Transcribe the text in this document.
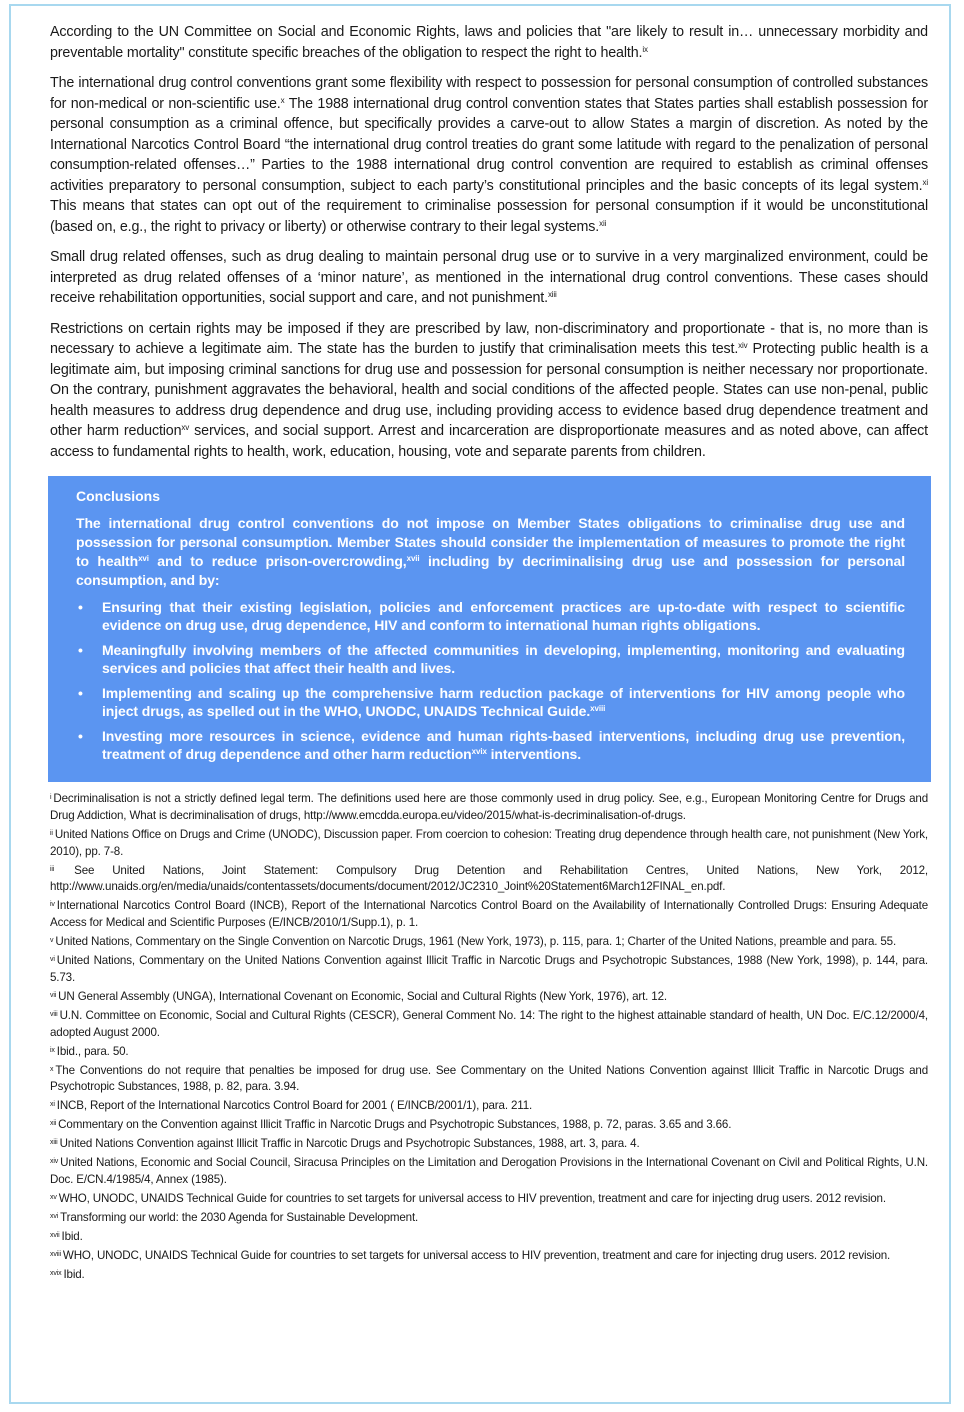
According to the UN Committee on Social and Economic Rights, laws and policies that "are likely to result in… unnecessary morbidity and preventable mortality" constitute specific breaches of the obligation to respect the right to health.$^{ix}$

The international drug control conventions grant some flexibility with respect to possession for personal consumption of controlled substances for non-medical or non-scientific use.$^x$ The 1988 international drug control convention states that States parties shall establish possession for personal consumption as a criminal offence, but specifically provides a carve-out to allow States a margin of discretion. As noted by the International Narcotics Control Board “the international drug control treaties do grant some latitude with regard to the penalization of personal consumption-related offenses…” Parties to the 1988 international drug control convention are required to establish as criminal offenses activities preparatory to personal consumption, subject to each party’s constitutional principles and the basic concepts of its legal system.$^{xi}$ This means that states can opt out of the requirement to criminalise possession for personal consumption if it would be unconstitutional (based on, e.g., the right to privacy or liberty) or otherwise contrary to their legal systems.$^{xii}$

Small drug related offenses, such as drug dealing to maintain personal drug use or to survive in a very marginalized environment, could be interpreted as drug related offenses of a ‘minor nature’, as mentioned in the international drug control conventions. These cases should receive rehabilitation opportunities, social support and care, and not punishment.$^{xiii}$

Restrictions on certain rights may be imposed if they are prescribed by law, non-discriminatory and proportionate - that is, no more than is necessary to achieve a legitimate aim. The state has the burden to justify that criminalisation meets this test.$^{xiv}$ Protecting public health is a legitimate aim, but imposing criminal sanctions for drug use and possession for personal consumption is neither necessary nor proportionate. On the contrary, punishment aggravates the behavioral, health and social conditions of the affected people. States can use non-penal, public health measures to address drug dependence and drug use, including providing access to evidence based drug dependence treatment and other harm reduction$^{xv}$ services, and social support. Arrest and incarceration are disproportionate measures and as noted above, can affect access to fundamental rights to health, work, education, housing, vote and separate parents from children.

Conclusions
The international drug control conventions do not impose on Member States obligations to criminalise drug use and possession for personal consumption. Member States should consider the implementation of measures to promote the right to health$^{xvi}$ and to reduce prison-overcrowding,$^{xvii}$ including by decriminalising drug use and possession for personal consumption, and by:
• Ensuring that their existing legislation, policies and enforcement practices are up-to-date with respect to scientific evidence on drug use, drug dependence, HIV and conform to international human rights obligations.
• Meaningfully involving members of the affected communities in developing, implementing, monitoring and evaluating services and policies that affect their health and lives.
• Implementing and scaling up the comprehensive harm reduction package of interventions for HIV among people who inject drugs, as spelled out in the WHO, UNODC, UNAIDS Technical Guide.$^{xviii}$
• Investing more resources in science, evidence and human rights-based interventions, including drug use prevention, treatment of drug dependence and other harm reduction$^{xvix}$ interventions.

$^i$ Decriminalisation is not a strictly defined legal term. The definitions used here are those commonly used in drug policy. See, e.g., European Monitoring Centre for Drugs and Drug Addiction, What is decriminalisation of drugs, http://www.emcdda.europa.eu/video/2015/what-is-decriminalisation-of-drugs.

$^{ii}$ United Nations Office on Drugs and Crime (UNODC), Discussion paper. From coercion to cohesion: Treating drug dependence through health care, not punishment (New York, 2010), pp. 7-8.

$^{iii}$ See United Nations, Joint Statement: Compulsory Drug Detention and Rehabilitation Centres, United Nations, New York, 2012, http://www.unaids.org/en/media/unaids/contentassets/documents/document/2012/JC2310_Joint%20Statement6March12FINAL_en.pdf.

$^{iv}$ International Narcotics Control Board (INCB), Report of the International Narcotics Control Board on the Availability of Internationally Controlled Drugs: Ensuring Adequate Access for Medical and Scientific Purposes (E/INCB/2010/1/Supp.1), p. 1.

$^v$ United Nations, Commentary on the Single Convention on Narcotic Drugs, 1961 (New York, 1973), p. 115, para. 1; Charter of the United Nations, preamble and para. 55.

$^{vi}$ United Nations, Commentary on the United Nations Convention against Illicit Traffic in Narcotic Drugs and Psychotropic Substances, 1988 (New York, 1998), p. 144, para. 5.73.

$^{vii}$ UN General Assembly (UNGA), International Covenant on Economic, Social and Cultural Rights (New York, 1976), art. 12.

$^{viii}$ U.N. Committee on Economic, Social and Cultural Rights (CESCR), General Comment No. 14: The right to the highest attainable standard of health, UN Doc. E/C.12/2000/4, adopted August 2000.

$^{ix}$ Ibid., para. 50.

$^x$ The Conventions do not require that penalties be imposed for drug use. See Commentary on the United Nations Convention against Illicit Traffic in Narcotic Drugs and Psychotropic Substances, 1988, p. 82, para. 3.94.

$^{xi}$ INCB, Report of the International Narcotics Control Board for 2001 ( E/INCB/2001/1), para. 211.

$^{xii}$ Commentary on the Convention against Illicit Traffic in Narcotic Drugs and Psychotropic Substances, 1988, p. 72, paras. 3.65 and 3.66.

$^{xiii}$ United Nations Convention against Illicit Traffic in Narcotic Drugs and Psychotropic Substances, 1988, art. 3, para. 4.

$^{xiv}$ United Nations, Economic and Social Council, Siracusa Principles on the Limitation and Derogation Provisions in the International Covenant on Civil and Political Rights, U.N. Doc. E/CN.4/1985/4, Annex (1985).

$^{xv}$ WHO, UNODC, UNAIDS Technical Guide for countries to set targets for universal access to HIV prevention, treatment and care for injecting drug users. 2012 revision.

$^{xvi}$ Transforming our world: the 2030 Agenda for Sustainable Development.

$^{xvii}$ Ibid.

$^{xviii}$ WHO, UNODC, UNAIDS Technical Guide for countries to set targets for universal access to HIV prevention, treatment and care for injecting drug users. 2012 revision.

$^{xvix}$ Ibid.
